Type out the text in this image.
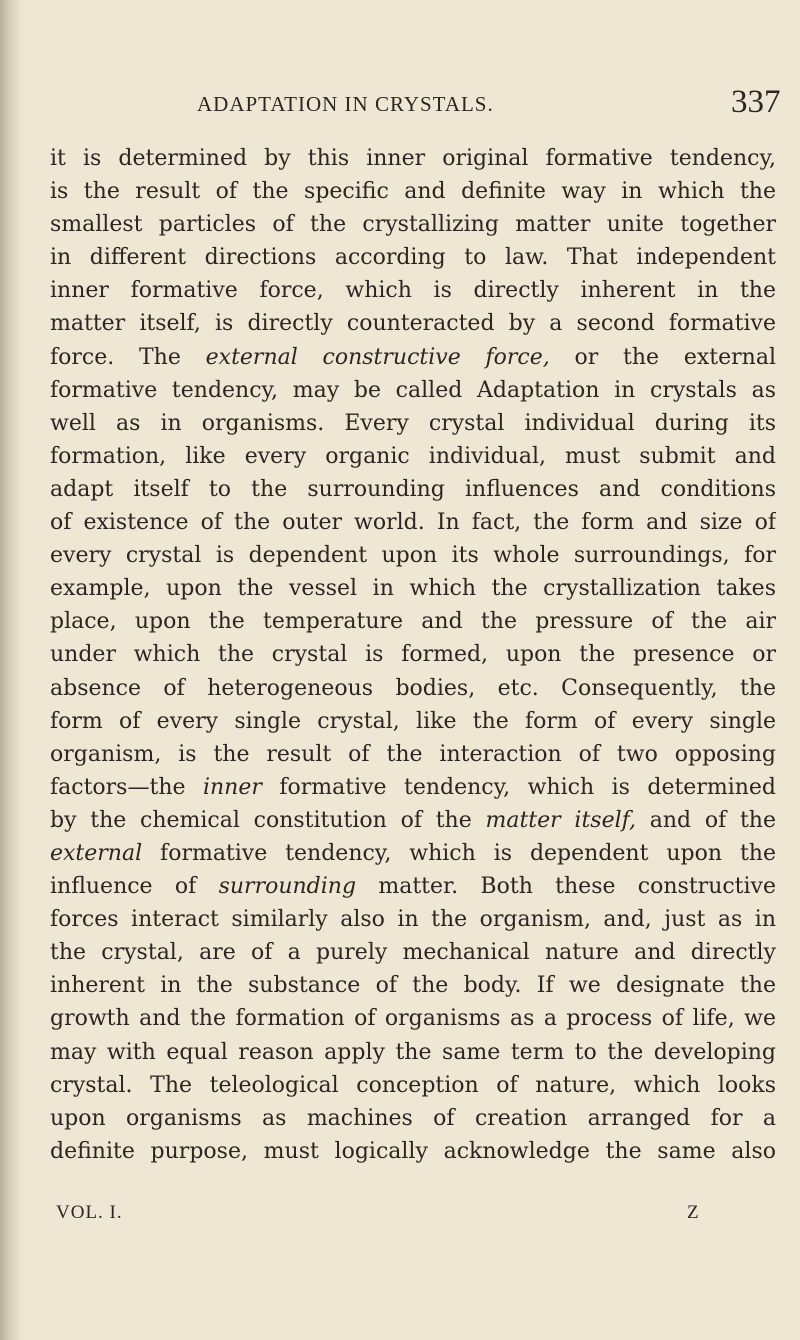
ADAPTATION IN CRYSTALS.	337
it is determined by this inner original formative tendency,
is the result of the specific and definite way in which the
smallest particles of the crystallizing matter unite together
in different directions according to law. That independent
inner formative force, which is directly inherent in the
matter itself, is directly counteracted by a second formative
force. The external constructive force, or the external
formative tendency, may be called Adaptation in crystals as
well as in organisms. Every crystal individual during its
formation, like every organic individual, must submit and
adapt itself to the surrounding influences and conditions
of existence of the outer world. In fact, the form and size of
every crystal is dependent upon its whole surroundings, for
example, upon the vessel in which the crystallization takes
place, upon the temperature and the pressure of the air
under which the crystal is formed, upon the presence or
absence of heterogeneous bodies, etc. Consequently, the
form of every single crystal, like the form of every single
organism, is the result of the interaction of two opposing
factors—the inner formative tendency, which is determined
by the chemical constitution of the matter itself, and of the
external formative tendency, which is dependent upon the
influence of surrounding matter. Both these constructive
forces interact similarly also in the organism, and, just as in
the crystal, are of a purely mechanical nature and directly
inherent in the substance of the body. If we designate the
growth and the formation of organisms as a process of life, we
may with equal reason apply the same term to the developing
crystal. The teleological conception of nature, which looks
upon organisms as machines of creation arranged for a
definite purpose, must logically acknowledge the same also
VOL. I.	Z
